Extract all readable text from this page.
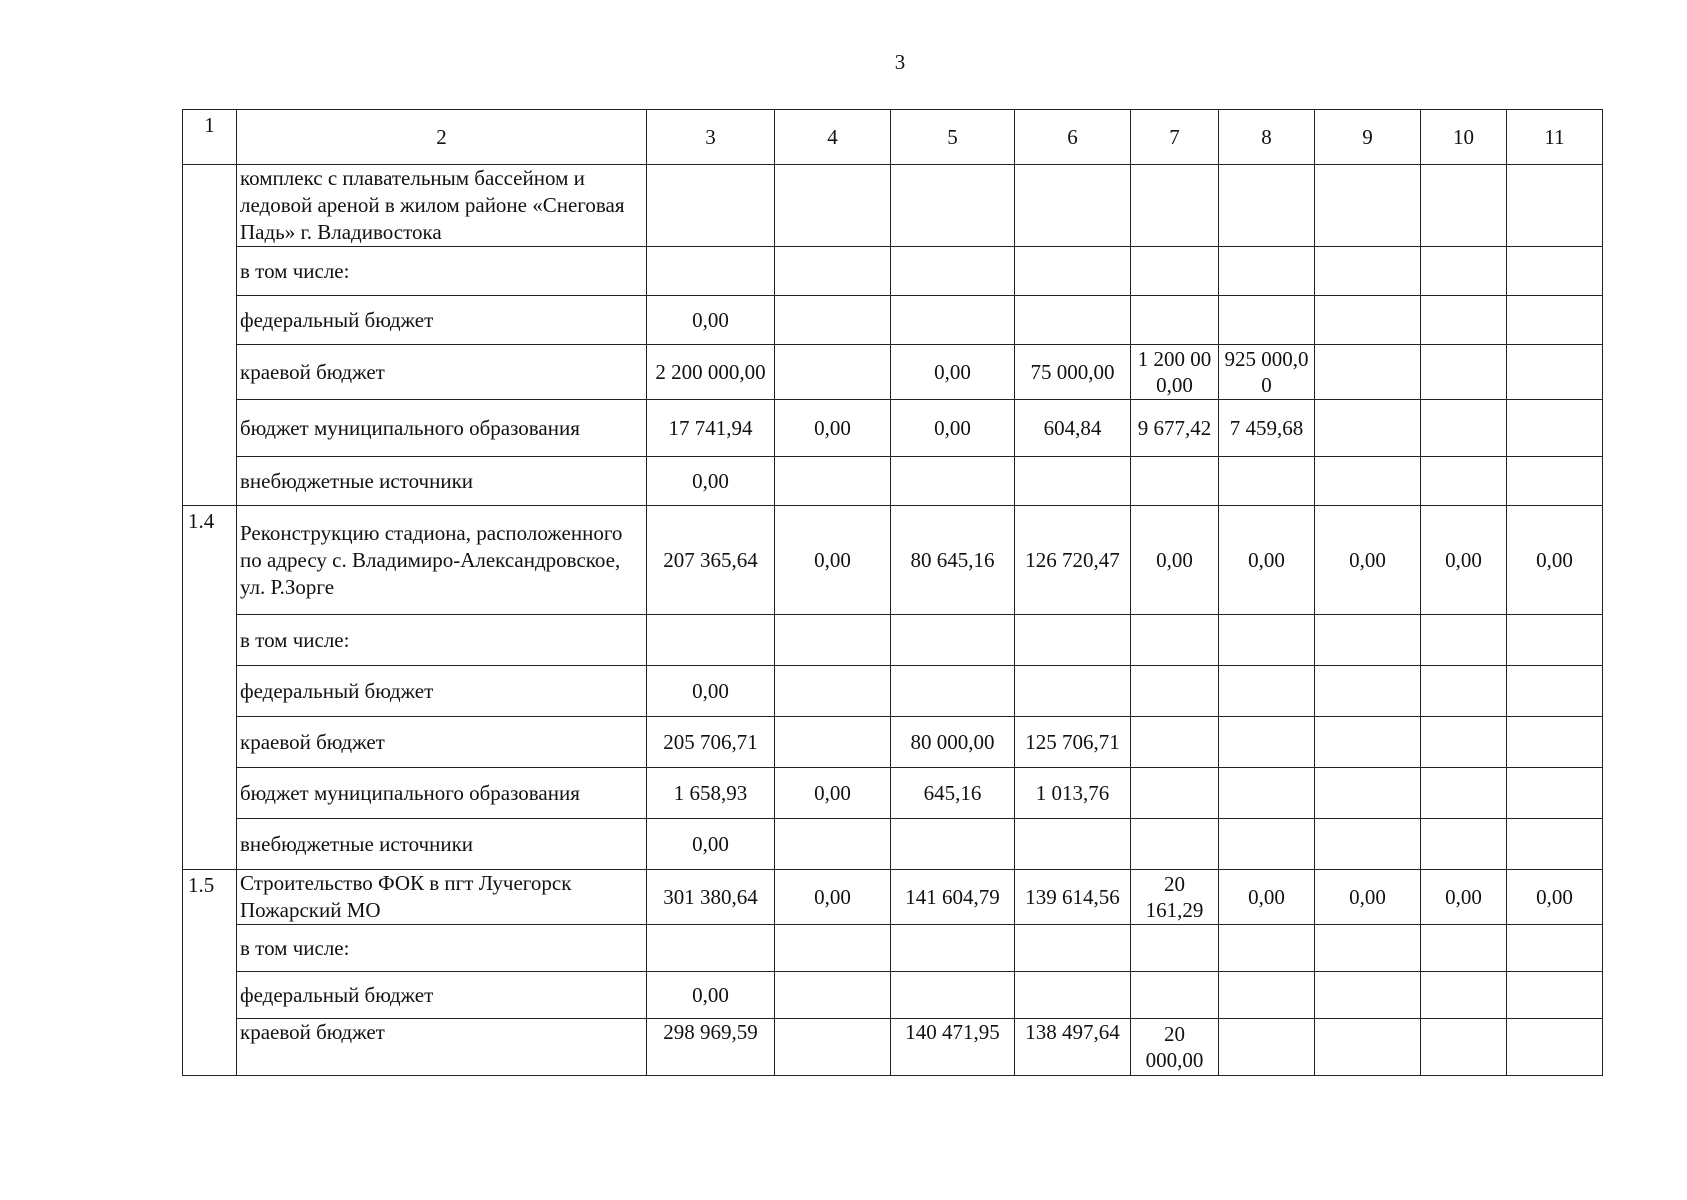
3
1	2	3	4	5	6	7	8	9	10	11
	комплекс с плавательным бассейном и ледовой ареной в жилом районе «Снеговая Падь» г. Владивостока									
	в том числе:									
	федеральный бюджет	0,00								
	краевой бюджет	2 200 000,00		0,00	75 000,00	1 200 000,00	925 000,00			
	бюджет муниципального образования	17 741,94	0,00	0,00	604,84	9 677,42	7 459,68			
	внебюджетные источники	0,00								
1.4	Реконструкцию стадиона, расположенного по адресу с. Владимиро-Александровское, ул. Р.Зорге	207 365,64	0,00	80 645,16	126 720,47	0,00	0,00	0,00	0,00	0,00
	в том числе:									
	федеральный бюджет	0,00								
	краевой бюджет	205 706,71		80 000,00	125 706,71					
	бюджет муниципального образования	1 658,93	0,00	645,16	1 013,76					
	внебюджетные источники	0,00								
1.5	Строительство ФОК в пгт Лучегорск Пожарский МО	301 380,64	0,00	141 604,79	139 614,56	20 161,29	0,00	0,00	0,00	0,00
	в том числе:									
	федеральный бюджет	0,00								
	краевой бюджет	298 969,59		140 471,95	138 497,64	20 000,00				
